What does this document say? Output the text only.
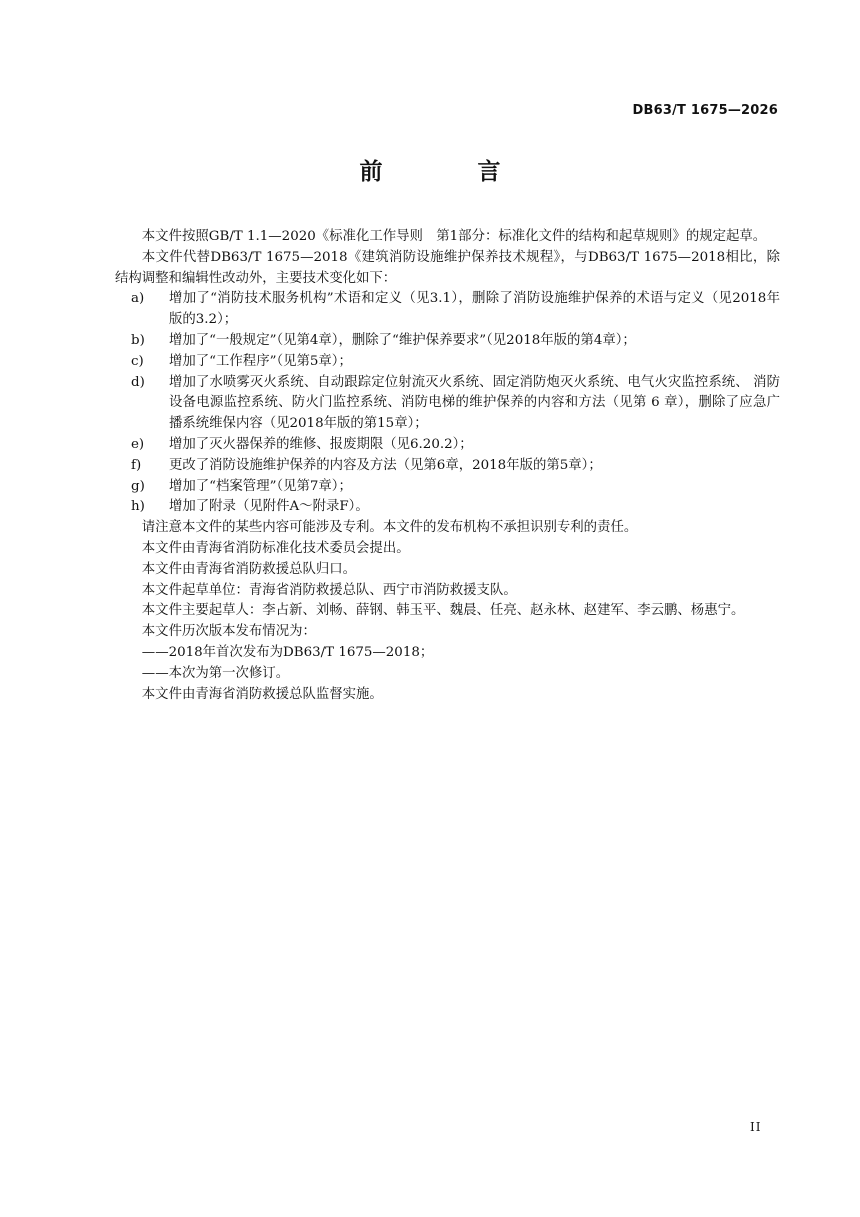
DB63/T 1675—2026
前　言

本文件按照GB/T 1.1—2020《标准化工作导则　第1部分：标准化文件的结构和起草规则》的规定起草。

本文件代替DB63/T 1675—2018《建筑消防设施维护保养技术规程》，与DB63/T 1675—2018相比，除结构调整和编辑性改动外，主要技术变化如下：

a) 增加了“消防技术服务机构”术语和定义（见3.1），删除了消防设施维护保养的术语与定义（见2018年版的3.2）；
b) 增加了“一般规定”（见第4章），删除了“维护保养要求”（见2018年版的第4章）；
c) 增加了“工作程序”（见第5章）；
d) 增加了水喷雾灭火系统、自动跟踪定位射流灭火系统、固定消防炮灭火系统、电气火灾监控系统、 消防设备电源监控系统、防火门监控系统、消防电梯的维护保养的内容和方法（见第 6 章），删除了应急广播系统维保内容（见2018年版的第15章）；
e) 增加了灭火器保养的维修、报废期限（见6.20.2）；
f) 更改了消防设施维护保养的内容及方法（见第6章，2018年版的第5章）；
g) 增加了“档案管理”（见第7章）；
h) 增加了附录（见附件A～附录F）。

请注意本文件的某些内容可能涉及专利。本文件的发布机构不承担识别专利的责任。

本文件由青海省消防标准化技术委员会提出。

本文件由青海省消防救援总队归口。

本文件起草单位：青海省消防救援总队、西宁市消防救援支队。

本文件主要起草人：李占新、刘畅、薛钢、韩玉平、魏晨、任亮、赵永林、赵建军、李云鹏、杨惠宁。

本文件历次版本发布情况为：

——2018年首次发布为DB63/T 1675—2018；

——本次为第一次修订。

本文件由青海省消防救援总队监督实施。

II
